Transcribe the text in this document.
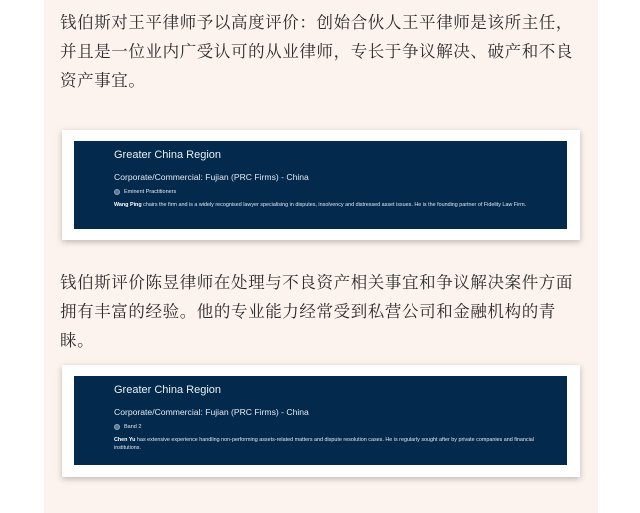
钱伯斯对王平律师予以高度评价：创始合伙人王平律师是该所主任，并且是一位业内广受认可的从业律师，专长于争议解决、破产和不良资产事宜。

Greater China Region
Corporate/Commercial: Fujian (PRC Firms) - China
Eminent Practitioners
Wang Ping chairs the firm and is a widely recognised lawyer specialising in disputes, insolvency and distressed asset issues. He is the founding partner of Fidelity Law Firm.

钱伯斯评价陈昱律师在处理与不良资产相关事宜和争议解决案件方面拥有丰富的经验。他的专业能力经常受到私营公司和金融机构的青睐。

Greater China Region
Corporate/Commercial: Fujian (PRC Firms) - China
Band 2
Chen Yu has extensive experience handling non-performing assets-related matters and dispute resolution cases. He is regularly sought after by private companies and financial institutions.
